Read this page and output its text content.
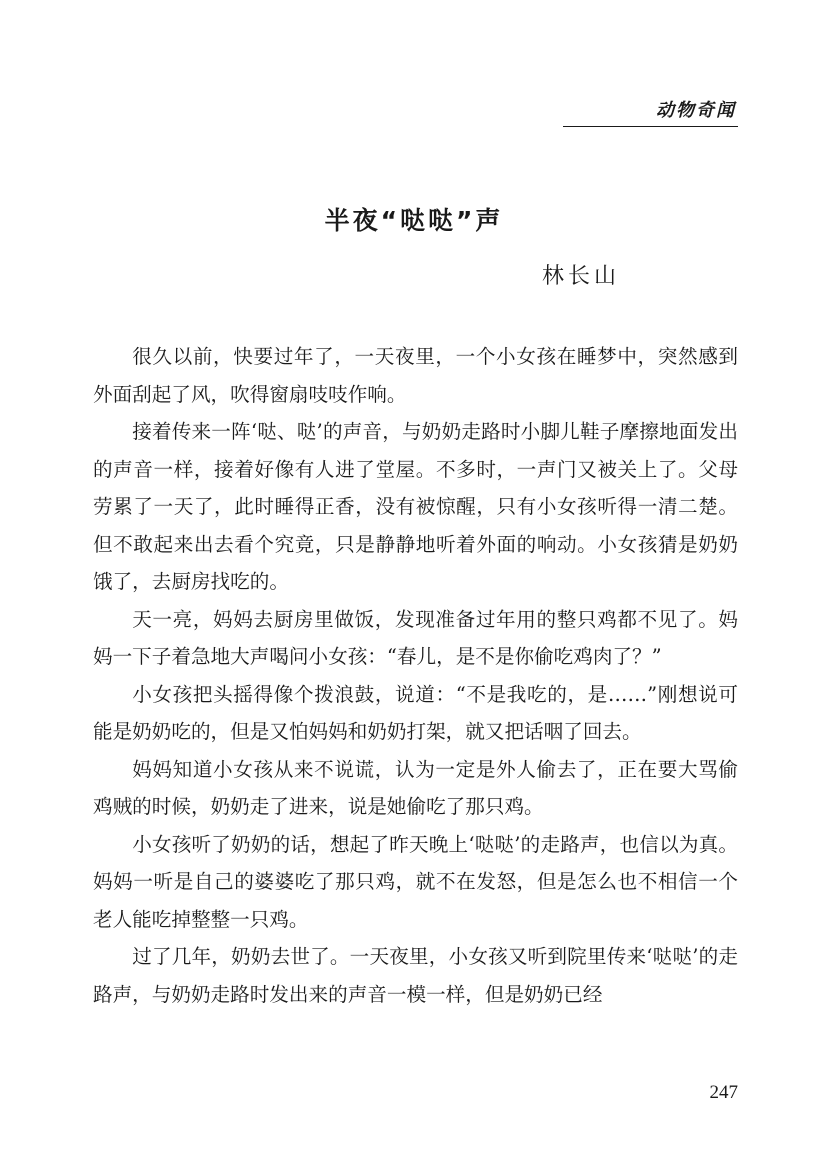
动物奇闻
半夜“哒哒”声
林长山

很久以前，快要过年了，一天夜里，一个小女孩在睡梦中，突然感到外面刮起了风，吹得窗扇吱吱作响。

接着传来一阵‘哒、哒’的声音，与奶奶走路时小脚儿鞋子摩擦地面发出的声音一样，接着好像有人进了堂屋。不多时，一声门又被关上了。父母劳累了一天了，此时睡得正香，没有被惊醒，只有小女孩听得一清二楚。但不敢起来出去看个究竟，只是静静地听着外面的响动。小女孩猜是奶奶饿了，去厨房找吃的。

天一亮，妈妈去厨房里做饭，发现准备过年用的整只鸡都不见了。妈妈一下子着急地大声喝问小女孩：“春儿，是不是你偷吃鸡肉了？”

小女孩把头摇得像个拨浪鼓，说道：“不是我吃的，是……”刚想说可能是奶奶吃的，但是又怕妈妈和奶奶打架，就又把话咽了回去。

妈妈知道小女孩从来不说谎，认为一定是外人偷去了，正在要大骂偷鸡贼的时候，奶奶走了进来，说是她偷吃了那只鸡。

小女孩听了奶奶的话，想起了昨天晚上‘哒哒’的走路声，也信以为真。妈妈一听是自己的婆婆吃了那只鸡，就不在发怒，但是怎么也不相信一个老人能吃掉整整一只鸡。

过了几年，奶奶去世了。一天夜里，小女孩又听到院里传来‘哒哒’的走路声，与奶奶走路时发出来的声音一模一样，但是奶奶已经

247
